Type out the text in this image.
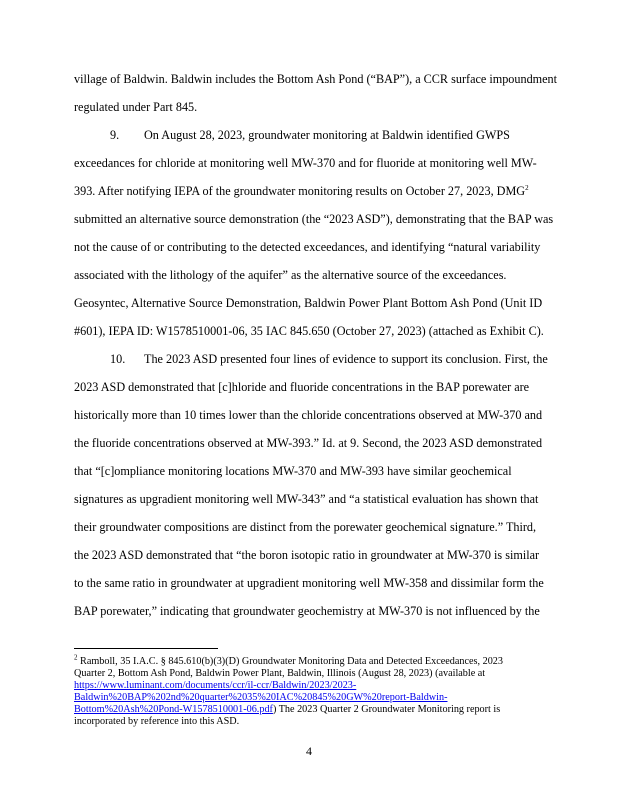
village of Baldwin. Baldwin includes the Bottom Ash Pond (“BAP”), a CCR surface impoundment
regulated under Part 845.
9. On August 28, 2023, groundwater monitoring at Baldwin identified GWPS
exceedances for chloride at monitoring well MW-370 and for fluoride at monitoring well MW-
393. After notifying IEPA of the groundwater monitoring results on October 27, 2023, DMG$^2$
submitted an alternative source demonstration (the “2023 ASD”), demonstrating that the BAP was
not the cause of or contributing to the detected exceedances, and identifying “natural variability
associated with the lithology of the aquifer” as the alternative source of the exceedances.
Geosyntec, Alternative Source Demonstration, Baldwin Power Plant Bottom Ash Pond (Unit ID
#601), IEPA ID: W1578510001-06, 35 IAC 845.650 (October 27, 2023) (attached as Exhibit C).
10. The 2023 ASD presented four lines of evidence to support its conclusion. First, the
2023 ASD demonstrated that [c]hloride and fluoride concentrations in the BAP porewater are
historically more than 10 times lower than the chloride concentrations observed at MW-370 and
the fluoride concentrations observed at MW-393.” Id. at 9. Second, the 2023 ASD demonstrated
that “[c]ompliance monitoring locations MW-370 and MW-393 have similar geochemical
signatures as upgradient monitoring well MW-343” and “a statistical evaluation has shown that
their groundwater compositions are distinct from the porewater geochemical signature.” Third,
the 2023 ASD demonstrated that “the boron isotopic ratio in groundwater at MW-370 is similar
to the same ratio in groundwater at upgradient monitoring well MW-358 and dissimilar form the
BAP porewater,” indicating that groundwater geochemistry at MW-370 is not influenced by the
$^2$ Ramboll, 35 I.A.C. § 845.610(b)(3)(D) Groundwater Monitoring Data and Detected Exceedances, 2023
Quarter 2, Bottom Ash Pond, Baldwin Power Plant, Baldwin, Illinois (August 28, 2023) (available at
https://www.luminant.com/documents/ccr/il-ccr/Baldwin/2023/2023-
Baldwin%20BAP%202nd%20quarter%2035%20IAC%20845%20GW%20report-Baldwin-
Bottom%20Ash%20Pond-W1578510001-06.pdf) The 2023 Quarter 2 Groundwater Monitoring report is
incorporated by reference into this ASD.
4
